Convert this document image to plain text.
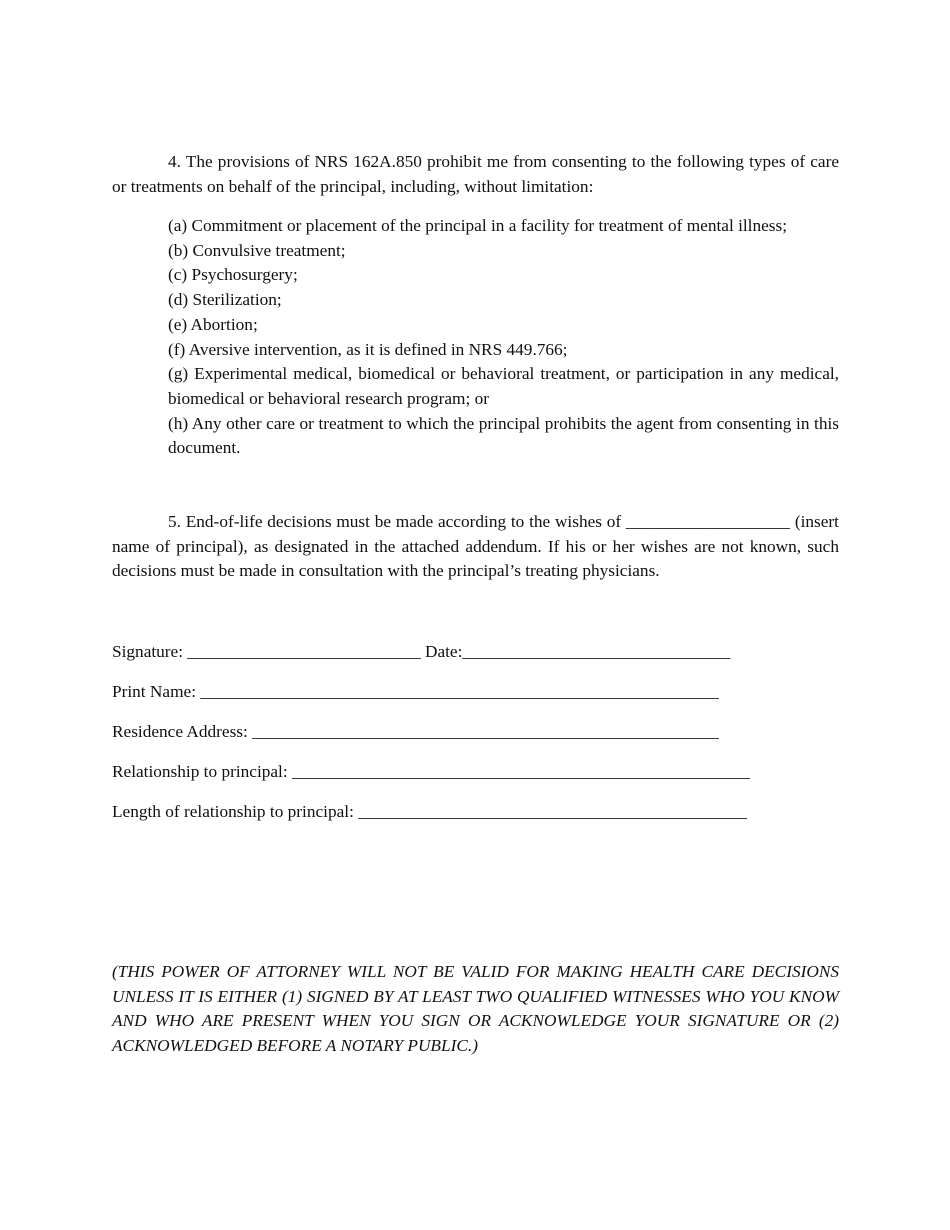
4. The provisions of NRS 162A.850 prohibit me from consenting to the following types of care or treatments on behalf of the principal, including, without limitation:

(a) Commitment or placement of the principal in a facility for treatment of mental illness;
(b) Convulsive treatment;
(c) Psychosurgery;
(d) Sterilization;
(e) Abortion;
(f) Aversive intervention, as it is defined in NRS 449.766;
(g) Experimental medical, biomedical or behavioral treatment, or participation in any medical, biomedical or behavioral research program; or
(h) Any other care or treatment to which the principal prohibits the agent from consenting in this document.

5. End-of-life decisions must be made according to the wishes of ___________________ (insert name of principal), as designated in the attached addendum. If his or her wishes are not known, such decisions must be made in consultation with the principal’s treating physicians.

Signature: ___________________________ Date:_______________________________

Print Name: ____________________________________________________________

Residence Address: ______________________________________________________

Relationship to principal: _____________________________________________________

Length of relationship to principal: _____________________________________________

(THIS POWER OF ATTORNEY WILL NOT BE VALID FOR MAKING HEALTH CARE DECISIONS UNLESS IT IS EITHER (1) SIGNED BY AT LEAST TWO QUALIFIED WITNESSES WHO YOU KNOW AND WHO ARE PRESENT WHEN YOU SIGN OR ACKNOWLEDGE YOUR SIGNATURE OR (2) ACKNOWLEDGED BEFORE A NOTARY PUBLIC.)
